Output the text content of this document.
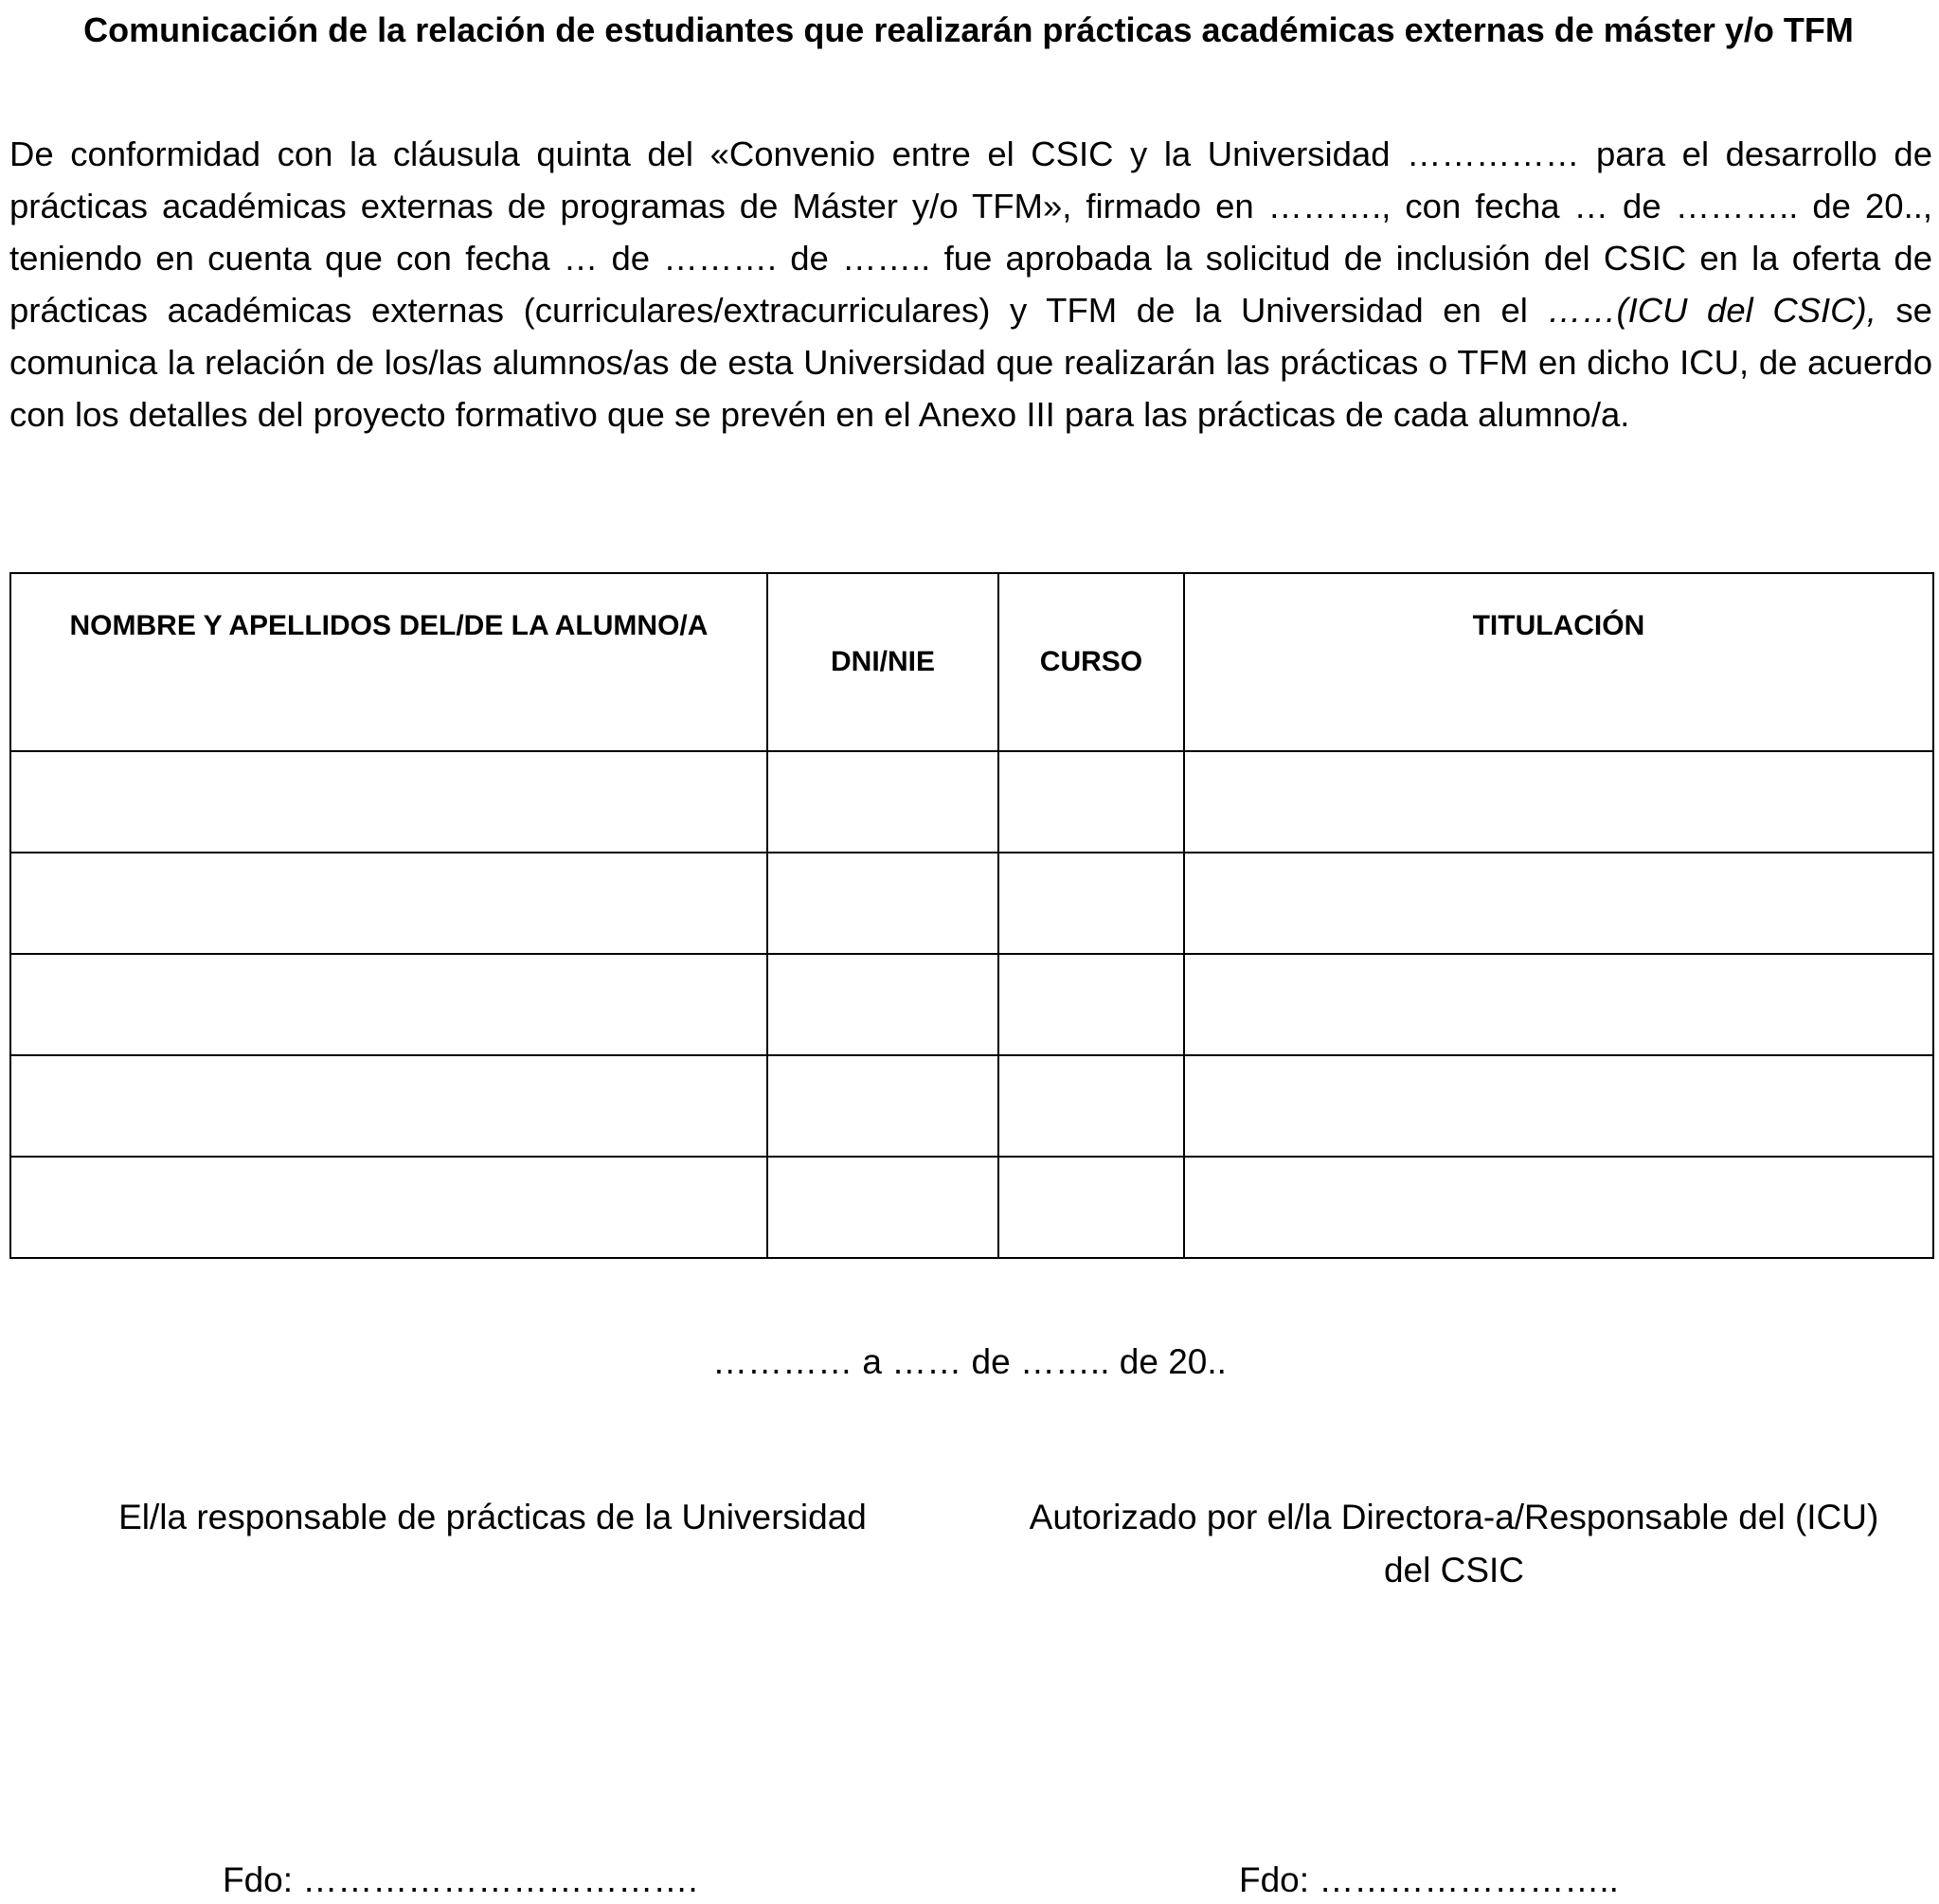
Comunicación de la relación de estudiantes que realizarán prácticas académicas externas de máster y/o TFM

De conformidad con la cláusula quinta del «Convenio entre el CSIC y la Universidad …………… para el desarrollo de prácticas académicas externas de programas de Máster y/o TFM», firmado en ………., con fecha … de ……….. de 20.., teniendo en cuenta que con fecha … de ………. de …….. fue aprobada la solicitud de inclusión del CSIC en la oferta de prácticas académicas externas (curriculares/extracurriculares) y TFM de la Universidad en el ……(ICU del CSIC), se comunica la relación de los/las alumnos/as de esta Universidad que realizarán las prácticas o TFM en dicho ICU, de acuerdo con los detalles del proyecto formativo que se prevén en el Anexo III para las prácticas de cada alumno/a.

NOMBRE Y APELLIDOS DEL/DE LA ALUMNO/A	DNI/NIE	CURSO	TITULACIÓN

………… a …… de …….. de 20..
El/la responsable de prácticas de la Universidad	Autorizado por el/la Directora-a/Responsable del (ICU) del CSIC
Fdo: …………………………….	Fdo: ……………………..
